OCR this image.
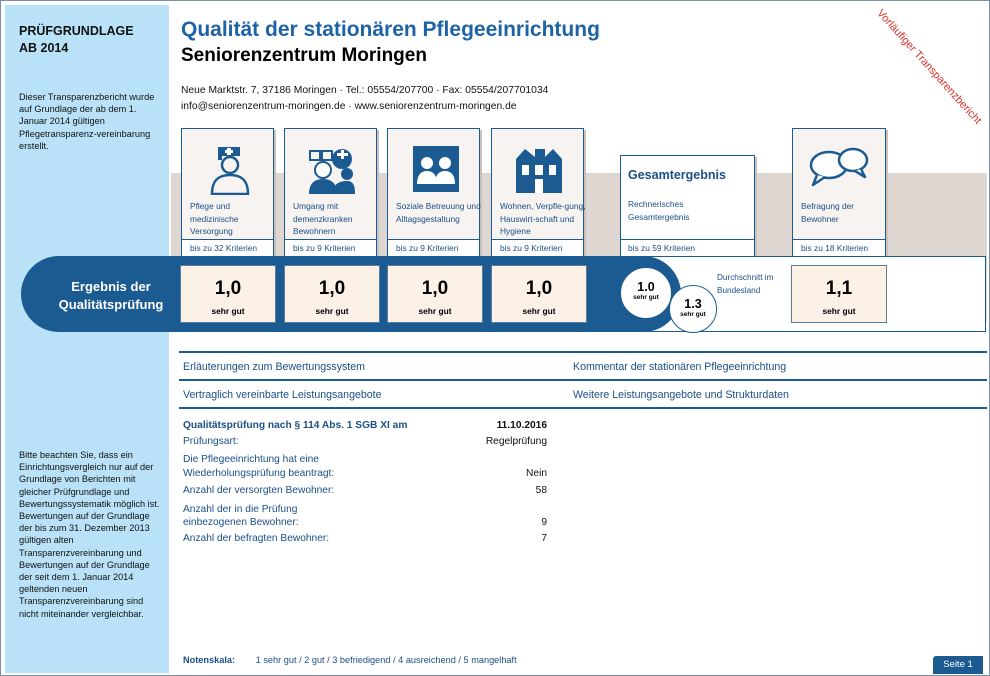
PRÜFGRUNDLAGE
AB 2014
Dieser Transparenzbericht wurde auf Grundlage der ab dem 1. Januar 2014 gültigen Pflegetransparenz-vereinbarung erstellt.
Bitte beachten Sie, dass ein Einrichtungsvergleich nur auf der Grundlage von Berichten mit gleicher Prüfgrundlage und Bewertungssystematik möglich ist. Bewertungen auf der Grundlage der bis zum 31. Dezember 2013 gültigen alten Transparenzvereinbarung und Bewertungen auf der Grundlage der seit dem 1. Januar 2014 geltenden neuen Transparenzvereinbarung sind nicht miteinander vergleichbar.
Qualität der stationären Pflegeeinrichtung
Seniorenzentrum Moringen
Neue Marktstr. 7, 37186 Moringen · Tel.: 05554/207700 · Fax: 05554/207701034
info@seniorenzentrum-moringen.de · www.seniorenzentrum-moringen.de	Vorläufiger Transparenzbericht
Pflege und medizinische Versorgung
bis zu 32 Kriterien
Umgang mit demenzkranken Bewohnern
bis zu 9 Kriterien
Soziale Betreuung und Alltagsgestaltung
bis zu 9 Kriterien
Wohnen, Verpfle-gung, Hauswirt-schaft und Hygiene
bis zu 9 Kriterien
Gesamtergebnis
Rechnerisches Gesamtergebnis
bis zu 59 Kriterien
Befragung der Bewohner
bis zu 18 Kriterien
Ergebnis der Qualitätsprüfung
1,0
sehr gut
1,0
sehr gut
1,0
sehr gut
1,0
sehr gut
1.0
sehr gut	1.3
sehr gut
Durchschnitt im Bundesland	1,1
sehr gut
Erläuterungen zum Bewertungssystem	Kommentar der stationären Pflegeeinrichtung
Vertraglich vereinbarte Leistungsangebote	Weitere Leistungsangebote und Strukturdaten
Qualitätsprüfung nach § 114 Abs. 1 SGB XI am	11.10.2016
Prüfungsart:	Regelprüfung
Die Pflegeeinrichtung hat eine
Wiederholungsprüfung beantragt:	Nein
Anzahl der versorgten Bewohner:	58
Anzahl der in die Prüfung
einbezogenen Bewohner:	9
Anzahl der befragten Bewohner:	7
Notenskala: 1 sehr gut / 2 gut / 3 befriedigend / 4 ausreichend / 5 mangelhaft	Seite 1
